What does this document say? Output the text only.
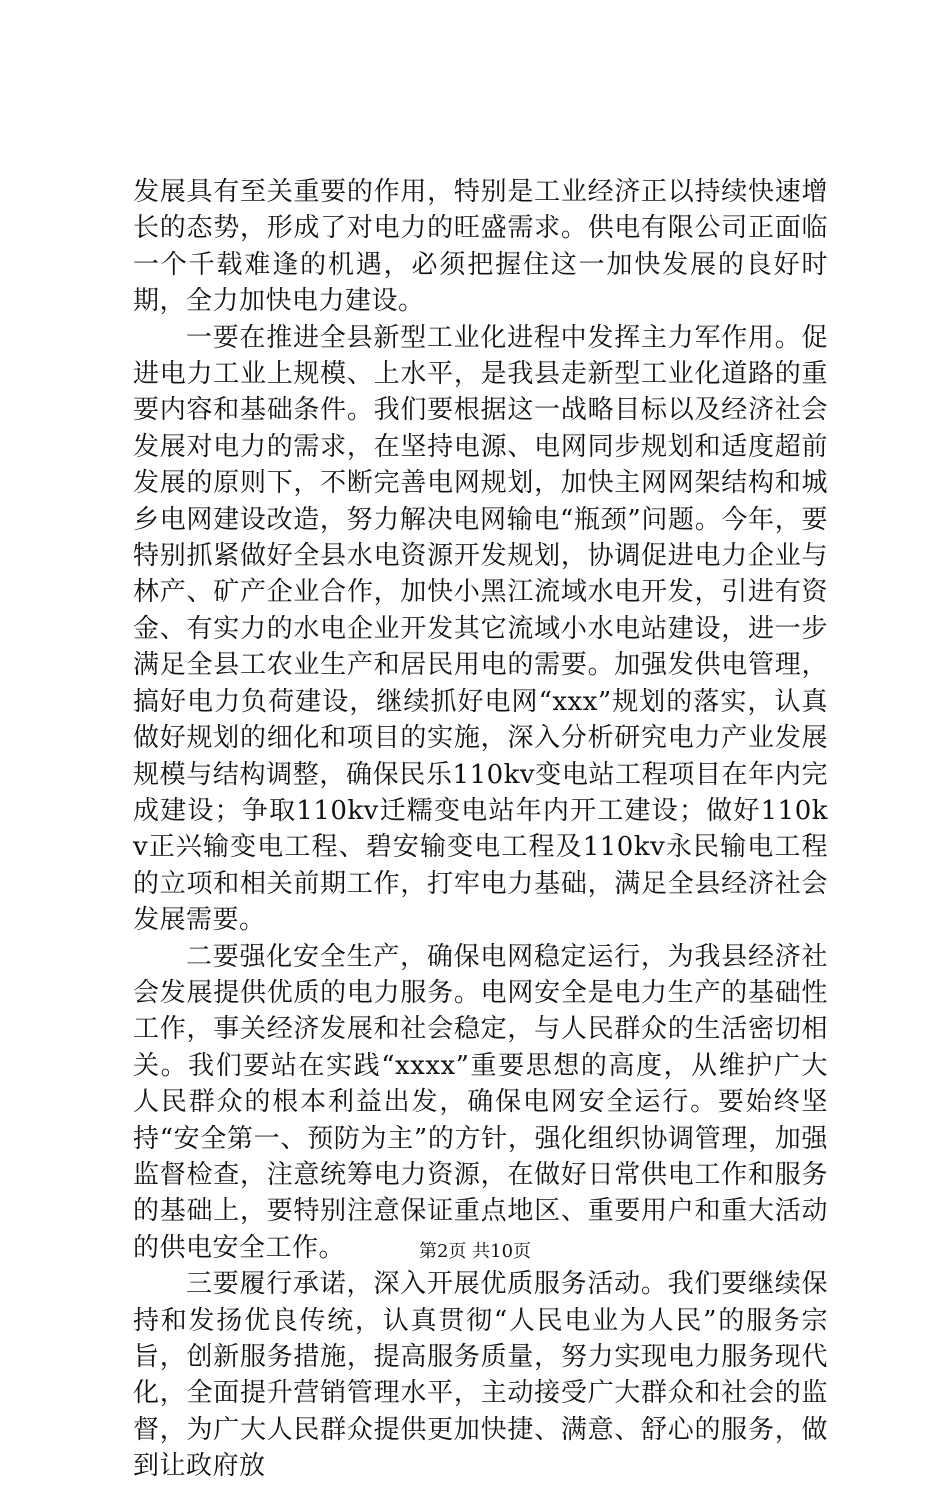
发展具有至关重要的作用，特别是工业经济正以持续快速增长的态势，形成了对电力的旺盛需求。供电有限公司正面临一个千载难逢的机遇，必须把握住这一加快发展的良好时期，全力加快电力建设。

一要在推进全县新型工业化进程中发挥主力军作用。促进电力工业上规模、上水平，是我县走新型工业化道路的重要内容和基础条件。我们要根据这一战略目标以及经济社会发展对电力的需求，在坚持电源、电网同步规划和适度超前发展的原则下，不断完善电网规划，加快主网网架结构和城乡电网建设改造，努力解决电网输电“瓶颈”问题。今年，要特别抓紧做好全县水电资源开发规划，协调促进电力企业与林产、矿产企业合作，加快小黑江流域水电开发，引进有资金、有实力的水电企业开发其它流域小水电站建设，进一步满足全县工农业生产和居民用电的需要。加强发供电管理，搞好电力负荷建设，继续抓好电网“xxx”规划的落实，认真做好规划的细化和项目的实施，深入分析研究电力产业发展规模与结构调整，确保民乐110kv变电站工程项目在年内完成建设；争取110kv迁糯变电站年内开工建设；做好110kv正兴输变电工程、碧安输变电工程及110kv永民输电工程的立项和相关前期工作，打牢电力基础，满足全县经济社会发展需要。

二要强化安全生产，确保电网稳定运行，为我县经济社会发展提供优质的电力服务。电网安全是电力生产的基础性工作，事关经济发展和社会稳定，与人民群众的生活密切相关。我们要站在实践“xxxx”重要思想的高度，从维护广大人民群众的根本利益出发，确保电网安全运行。要始终坚持“安全第一、预防为主”的方针，强化组织协调管理，加强监督检查，注意统筹电力资源，在做好日常供电工作和服务的基础上，要特别注意保证重点地区、重要用户和重大活动的供电安全工作。

三要履行承诺，深入开展优质服务活动。我们要继续保持和发扬优良传统，认真贯彻“人民电业为人民”的服务宗旨，创新服务措施，提高服务质量，努力实现电力服务现代化，全面提升营销管理水平，主动接受广大群众和社会的监督，为广大人民群众提供更加快捷、满意、舒心的服务，做到让政府放

第2页 共10页
